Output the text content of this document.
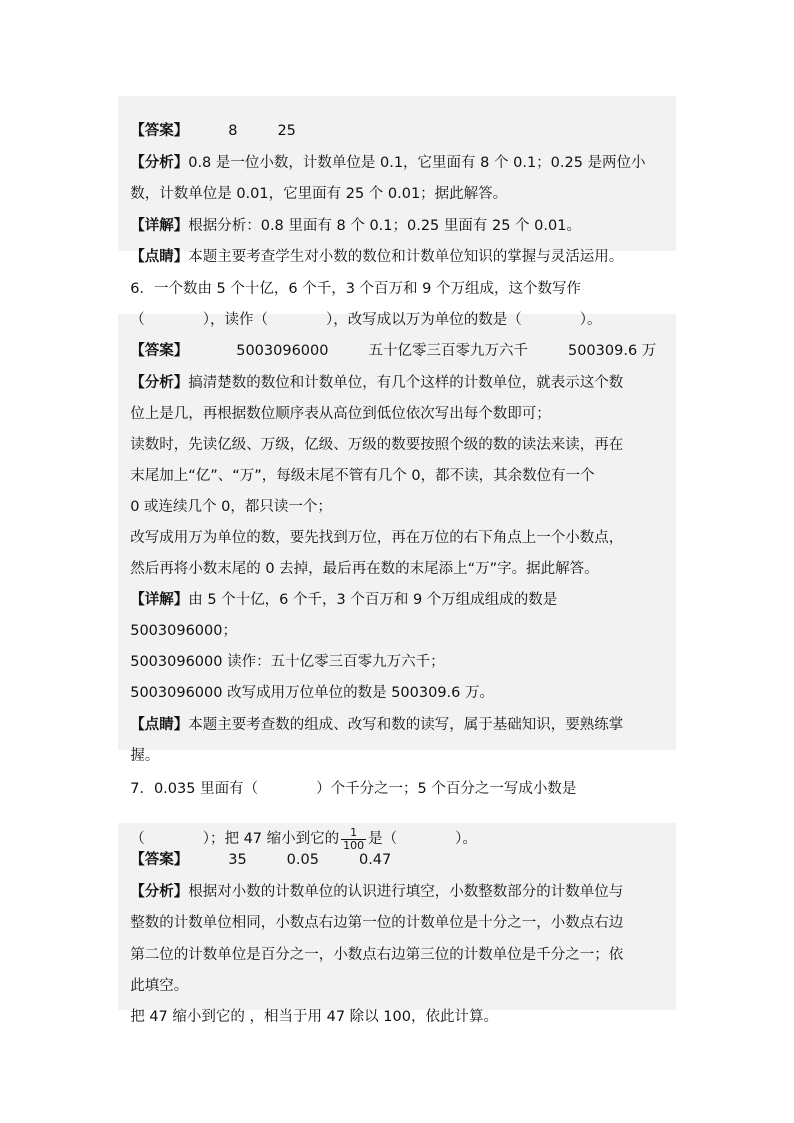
【答案】	8	25

【分析】0.8 是一位小数，计数单位是 0.1，它里面有 8 个 0.1；0.25 是两位小

数，计数单位是 0.01，它里面有 25 个 0.01；据此解答。

【详解】根据分析：0.8 里面有 8 个 0.1；0.25 里面有 25 个 0.01。

【点睛】本题主要考查学生对小数的数位和计数单位知识的掌握与灵活运用。

6．一个数由 5 个十亿，6 个千，3 个百万和 9 个万组成，这个数写作

（　　　　），读作（　　　　），改写成以万为单位的数是（　　　　）。

【答案】	5003096000	五十亿零三百零九万六千	500309.6 万

【分析】搞清楚数的数位和计数单位，有几个这样的计数单位，就表示这个数

位上是几，再根据数位顺序表从高位到低位依次写出每个数即可；

读数时，先读亿级、万级，亿级、万级的数要按照个级的数的读法来读，再在

末尾加上“亿”、“万”，每级末尾不管有几个 0，都不读，其余数位有一个

0 或连续几个 0，都只读一个；

改写成用万为单位的数，要先找到万位，再在万位的右下角点上一个小数点，

然后再将小数末尾的 0 去掉，最后再在数的末尾添上“万”字。据此解答。

【详解】由 5 个十亿，6 个千，3 个百万和 9 个万组成组成的数是

5003096000；

5003096000 读作：五十亿零三百零九万六千；

5003096000 改写成用万位单位的数是 500309.6 万。

【点睛】本题主要考查数的组成、改写和数的读写，属于基础知识，要熟练掌

握。

7．0.035 里面有（　　　　）个千分之一；5 个百分之一写成小数是

（　　　　）；把 47 缩小到它的 $\frac{1}{100}$ 是（　　　　）。

【答案】	35	0.05	0.47

【分析】根据对小数的计数单位的认识进行填空，小数整数部分的计数单位与

整数的计数单位相同，小数点右边第一位的计数单位是十分之一，小数点右边

第二位的计数单位是百分之一，小数点右边第三位的计数单位是千分之一；依

此填空。

把 47 缩小到它的 ，相当于用 47 除以 100，依此计算。
